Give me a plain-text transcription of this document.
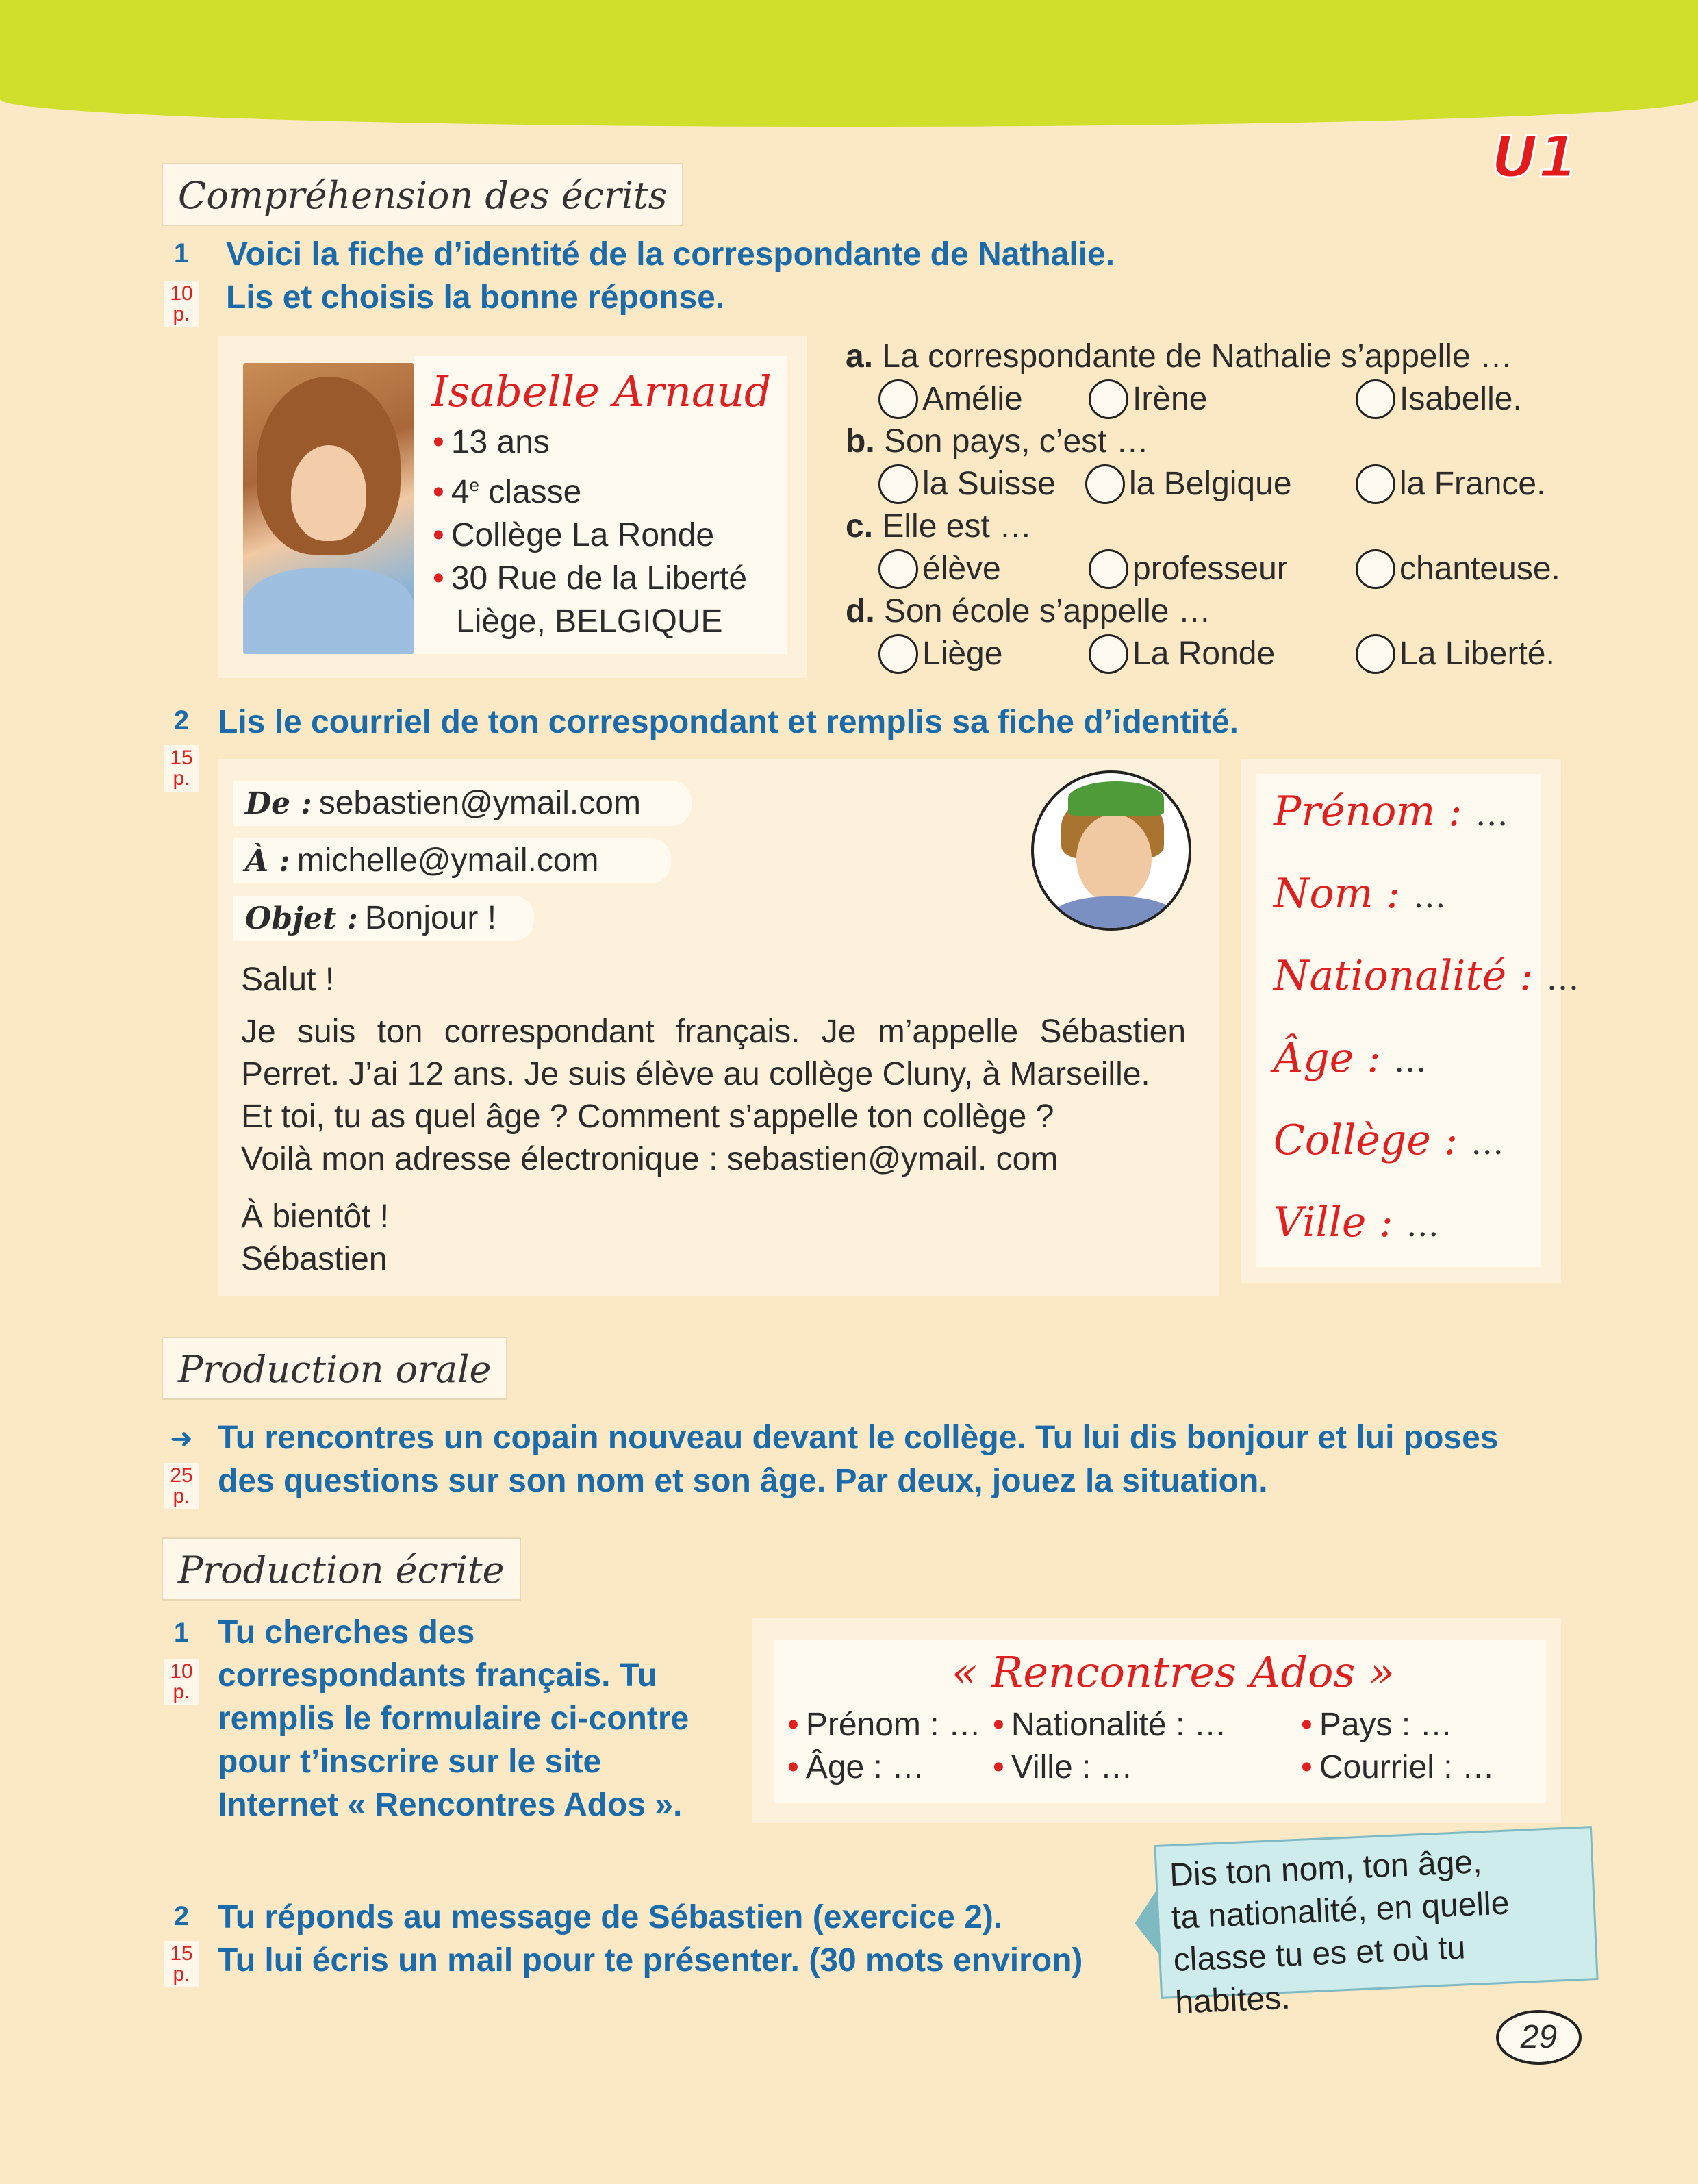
U1
Compréhension des écrits
1
10
p.
Voici la fiche d’identité de la correspondante de Nathalie.
Lis et choisis la bonne réponse.
Isabelle Arnaud
• 13 ans
• 4e classe
• Collège La Ronde
• 30 Rue de la Liberté
Liège, BELGIQUE
a. La correspondante de Nathalie s’appelle …
Amélie	Irène	Isabelle.
b. Son pays, c’est …
la Suisse la Belgique	la France.
c. Elle est …
élève	professeur	chanteuse.
d. Son école s’appelle …
Liège	La Ronde	La Liberté.
2
15
p.
Lis le courriel de ton correspondant et remplis sa fiche d’identité.
De : sebastien@ymail.com
À : michelle@ymail.com
Objet : Bonjour !
Salut !
Je suis ton correspondant français. Je m’appelle Sébastien
Perret. J’ai 12 ans. Je suis élève au collège Cluny, à Marseille.
Et toi, tu as quel âge ? Comment s’appelle ton collège ?
Voilà mon adresse électronique : sebastien@ymail. com
À bientôt !
Sébastien
Prénom : …
Nom : …
Nationalité : …
Âge : …
Collège : …
Ville : …
Production orale
➜
25
p.
Tu rencontres un copain nouveau devant le collège. Tu lui dis bonjour et lui poses
des questions sur son nom et son âge. Par deux, jouez la situation.
Production écrite
1
10
p.
Tu cherches des
correspondants français. Tu
remplis le formulaire ci-contre
pour t’inscrire sur le site
Internet « Rencontres Ados ».
« Rencontres Ados »
• Prénom : … • Nationalité : …	• Pays : …
• Âge : …	• Ville : …	• Courriel : …
2
15
p.
Tu réponds au message de Sébastien (exercice 2).
Tu lui écris un mail pour te présenter. (30 mots environ)
Dis ton nom, ton âge,
ta nationalité, en quelle
classe tu es et où tu habites.
29
